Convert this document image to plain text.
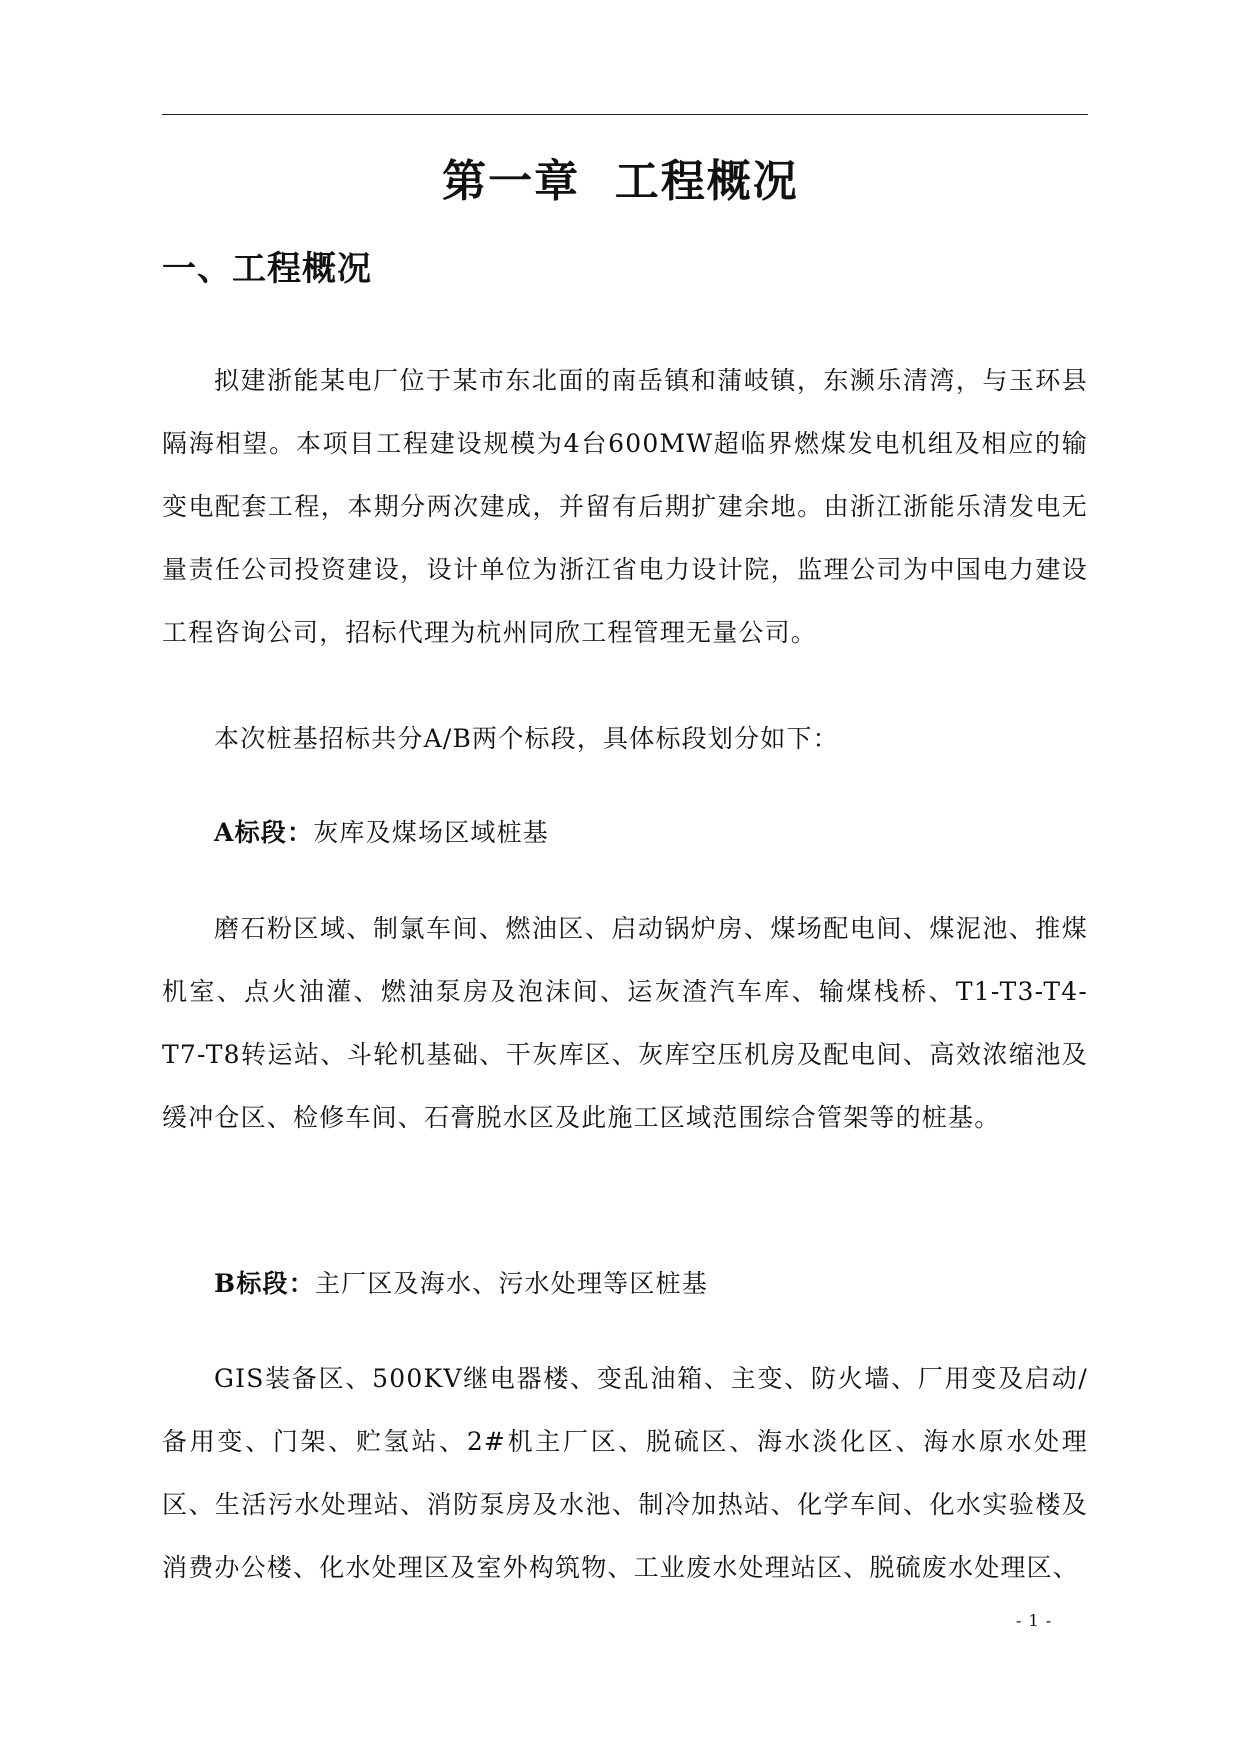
第一章  工程概况
一、工程概况

拟建浙能某电厂位于某市东北面的南岳镇和蒲岐镇，东濒乐清湾，与玉环县隔海相望。本项目工程建设规模为4台600MW超临界燃煤发电机组及相应的输变电配套工程，本期分两次建成，并留有后期扩建余地。由浙江浙能乐清发电无量责任公司投资建设，设计单位为浙江省电力设计院，监理公司为中国电力建设工程咨询公司，招标代理为杭州同欣工程管理无量公司。

本次桩基招标共分A/B两个标段，具体标段划分如下：

A标段：灰库及煤场区域桩基

磨石粉区域、制氯车间、燃油区、启动锅炉房、煤场配电间、煤泥池、推煤机室、点火油灌、燃油泵房及泡沫间、运灰渣汽车库、输煤栈桥、T1-T3-T4-T7-T8转运站、斗轮机基础、干灰库区、灰库空压机房及配电间、高效浓缩池及缓冲仓区、检修车间、石膏脱水区及此施工区域范围综合管架等的桩基。

B标段：主厂区及海水、污水处理等区桩基

GIS装备区、500KV继电器楼、变乱油箱、主变、防火墙、厂用变及启动/备用变、门架、贮氢站、2#机主厂区、脱硫区、海水淡化区、海水原水处理区、生活污水处理站、消防泵房及水池、制冷加热站、化学车间、化水实验楼及消费办公楼、化水处理区及室外构筑物、工业废水处理站区、脱硫废水处理区、

- 1 -
